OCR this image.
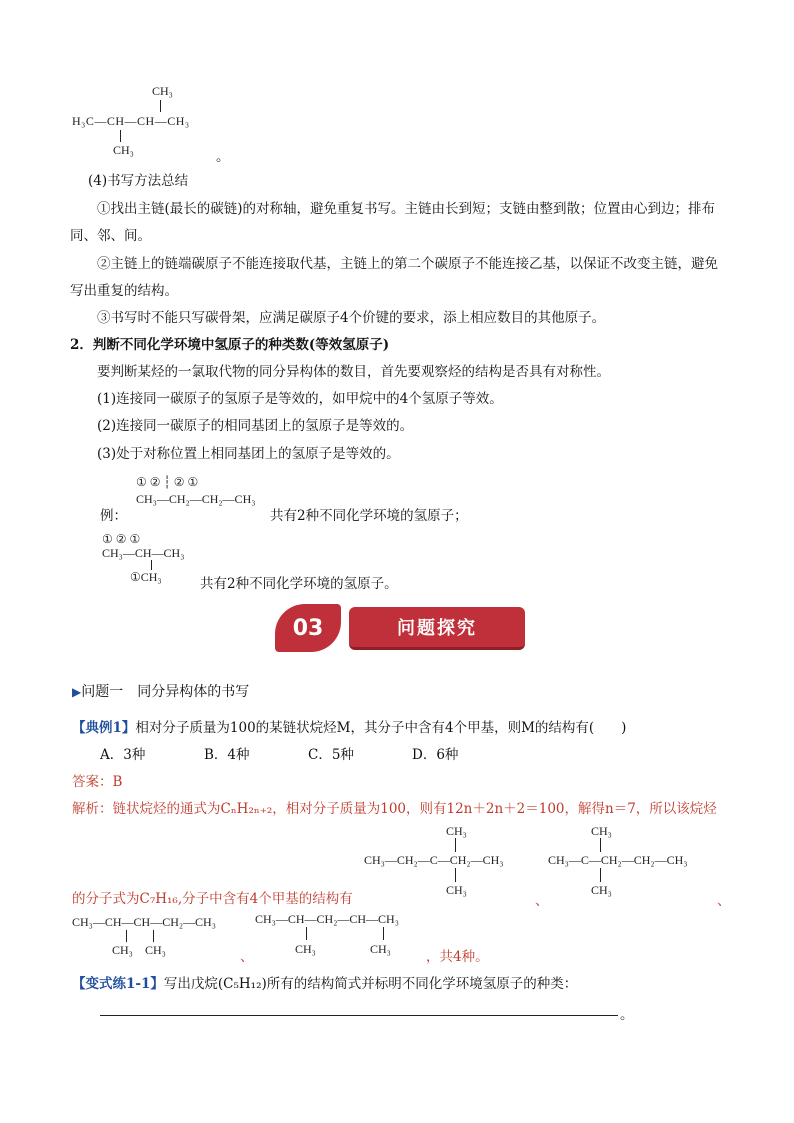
CH₃
H₃C—CH—CH—CH₃
CH₃	。
(4)书写方法总结
①找出主链(最长的碳链)的对称轴，避免重复书写。主链由长到短；支链由整到散；位置由心到边；排布同、邻、间。
②主链上的链端碳原子不能连接取代基，主链上的第二个碳原子不能连接乙基，以保证不改变主链，避免写出重复的结构。
③书写时不能只写碳骨架，应满足碳原子4个价键的要求，添上相应数目的其他原子。
2．判断不同化学环境中氢原子的种类数(等效氢原子)
要判断某烃的一氯取代物的同分异构体的数目，首先要观察烃的结构是否具有对称性。
(1)连接同一碳原子的氢原子是等效的，如甲烷中的4个氢原子等效。
(2)连接同一碳原子的相同基团上的氢原子是等效的。
(3)处于对称位置上相同基团上的氢原子是等效的。
① ② ┆ ② ①
CH₃—CH₂—CH₂—CH₃
例：	共有2种不同化学环境的氢原子；
① ② ①
CH₃—CH—CH₃
①CH₃	共有2种不同化学环境的氢原子。
03	问题探究
▶问题一　同分异构体的书写
【典例1】相对分子质量为100的某链状烷烃M，其分子中含有4个甲基，则M的结构有(　　)
A．3种	B．4种	C．5种	D．6种
答案：B
解析：链状烷烃的通式为CₙH₂ₙ₊₂，相对分子质量为100，则有12n＋2n＋2＝100，解得n＝7，所以该烷烃
CH₃
CH₃—CH₂—C—CH₂—CH₃
CH₃
CH₃
CH₃—C—CH₂—CH₂—CH₃
CH₃
的分子式为C₇H₁₆,分子中含有4个甲基的结构有	、	、
CH₃—CH—CH—CH₂—CH₃
CH₃ CH₃	、
CH₃—CH—CH₂—CH—CH₃
CH₃	CH₃	，共4种。
【变式练1-1】写出戊烷(C₅H₁₂)所有的结构简式并标明不同化学环境氢原子的种类：
。
